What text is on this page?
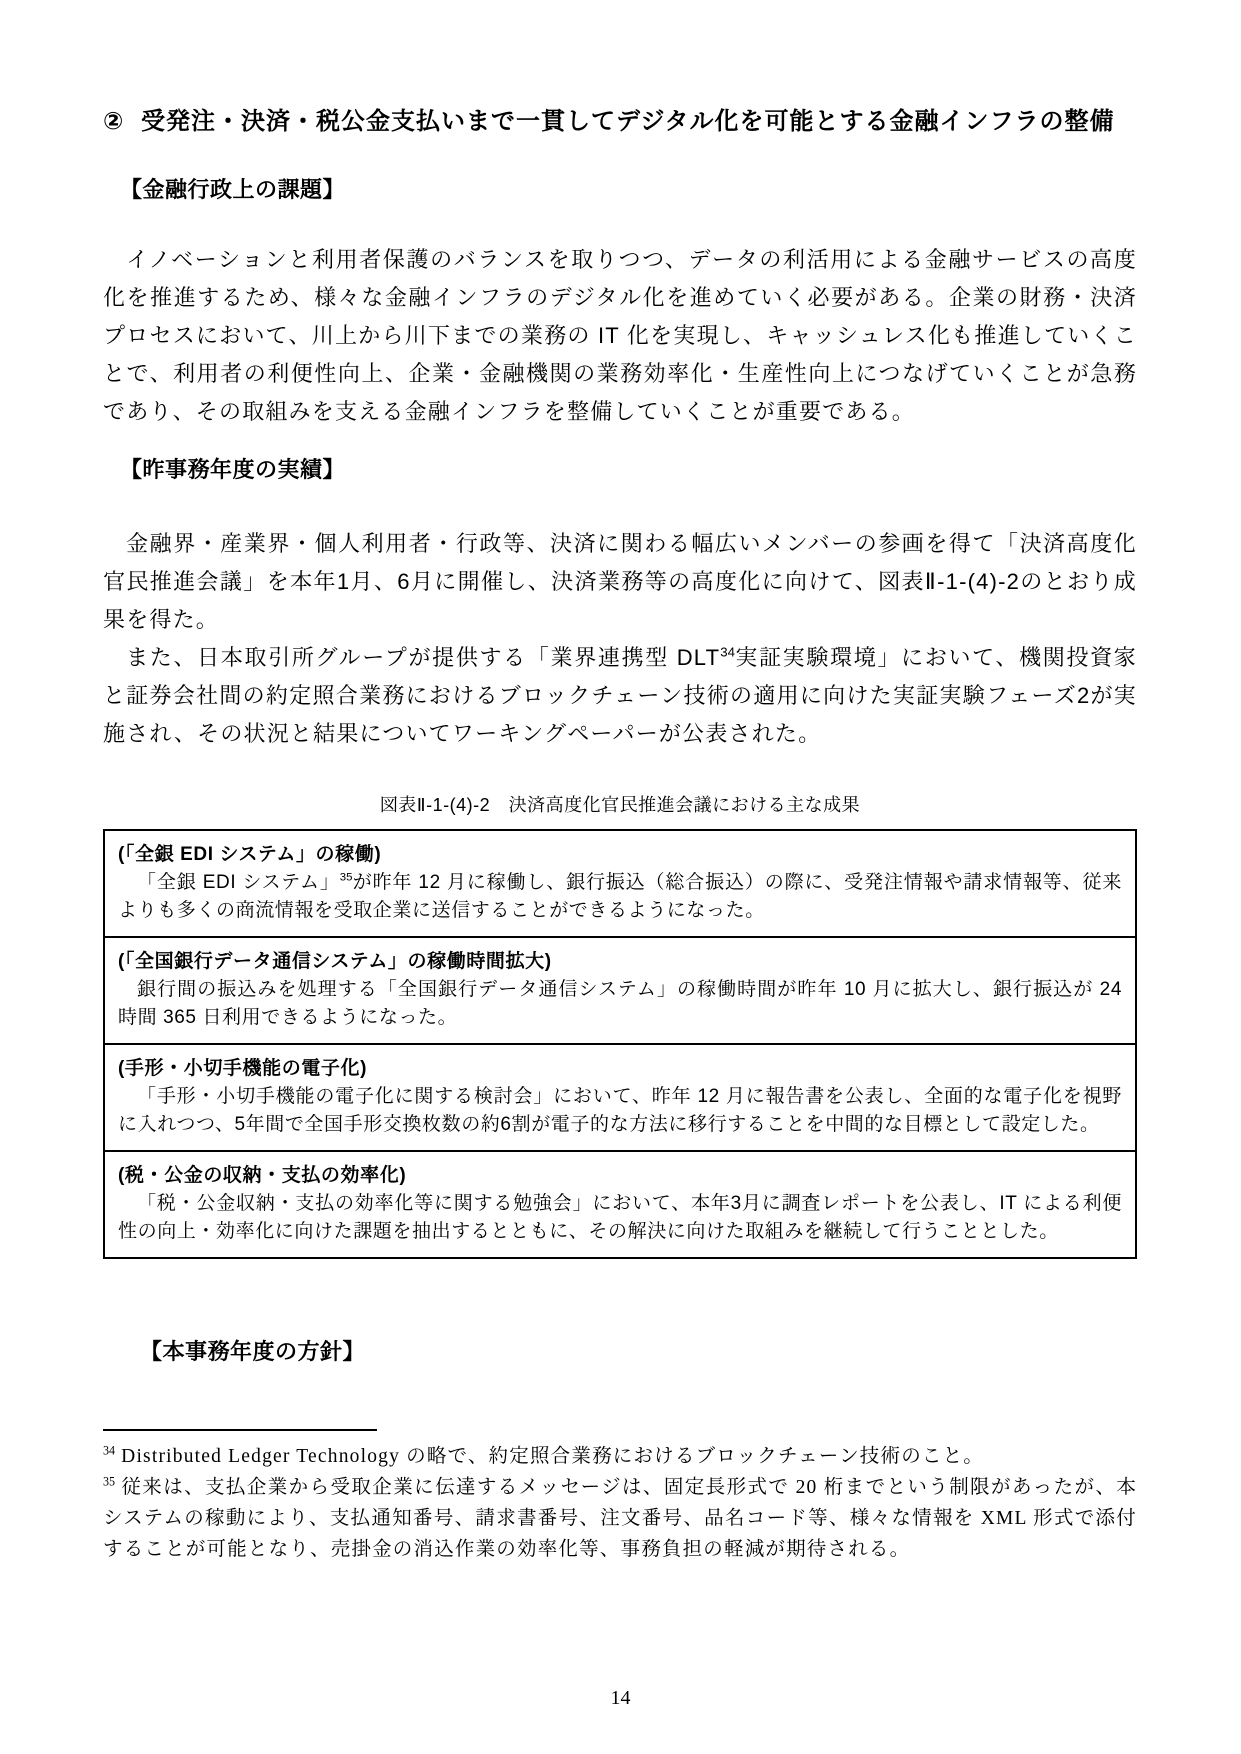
② 受発注・決済・税公金支払いまで一貫してデジタル化を可能とする金融インフラの整備
【金融行政上の課題】

イノベーションと利用者保護のバランスを取りつつ、データの利活用による金融サービスの高度化を推進するため、様々な金融インフラのデジタル化を進めていく必要がある。企業の財務・決済プロセスにおいて、川上から川下までの業務の IT 化を実現し、キャッシュレス化も推進していくことで、利用者の利便性向上、企業・金融機関の業務効率化・生産性向上につなげていくことが急務であり、その取組みを支える金融インフラを整備していくことが重要である。

【昨事務年度の実績】

金融界・産業界・個人利用者・行政等、決済に関わる幅広いメンバーの参画を得て「決済高度化官民推進会議」を本年1月、6月に開催し、決済業務等の高度化に向けて、図表Ⅱ-1-(4)-2のとおり成果を得た。

また、日本取引所グループが提供する「業界連携型 DLT$^{34}$実証実験環境」において、機関投資家と証券会社間の約定照合業務におけるブロックチェーン技術の適用に向けた実証実験フェーズ2が実施され、その状況と結果についてワーキングペーパーが公表された。

図表Ⅱ-1-(4)-2　決済高度化官民推進会議における主な成果
(「全銀 EDI システム」の稼働)

「全銀 EDI システム」$^{35}$が昨年 12 月に稼働し、銀行振込（総合振込）の際に、受発注情報や請求情報等、従来よりも多くの商流情報を受取企業に送信することができるようになった。

(「全国銀行データ通信システム」の稼働時間拡大)

銀行間の振込みを処理する「全国銀行データ通信システム」の稼働時間が昨年 10 月に拡大し、銀行振込が 24 時間 365 日利用できるようになった。

(手形・小切手機能の電子化)

「手形・小切手機能の電子化に関する検討会」において、昨年 12 月に報告書を公表し、全面的な電子化を視野に入れつつ、5年間で全国手形交換枚数の約6割が電子的な方法に移行することを中間的な目標として設定した。

(税・公金の収納・支払の効率化)

「税・公金収納・支払の効率化等に関する勉強会」において、本年3月に調査レポートを公表し、IT による利便性の向上・効率化に向けた課題を抽出するとともに、その解決に向けた取組みを継続して行うこととした。

【本事務年度の方針】

$^{34}$ Distributed Ledger Technology の略で、約定照合業務におけるブロックチェーン技術のこと。

$^{35}$ 従来は、支払企業から受取企業に伝達するメッセージは、固定長形式で 20 桁までという制限があったが、本システムの稼動により、支払通知番号、請求書番号、注文番号、品名コード等、様々な情報を XML 形式で添付することが可能となり、売掛金の消込作業の効率化等、事務負担の軽減が期待される。

14
